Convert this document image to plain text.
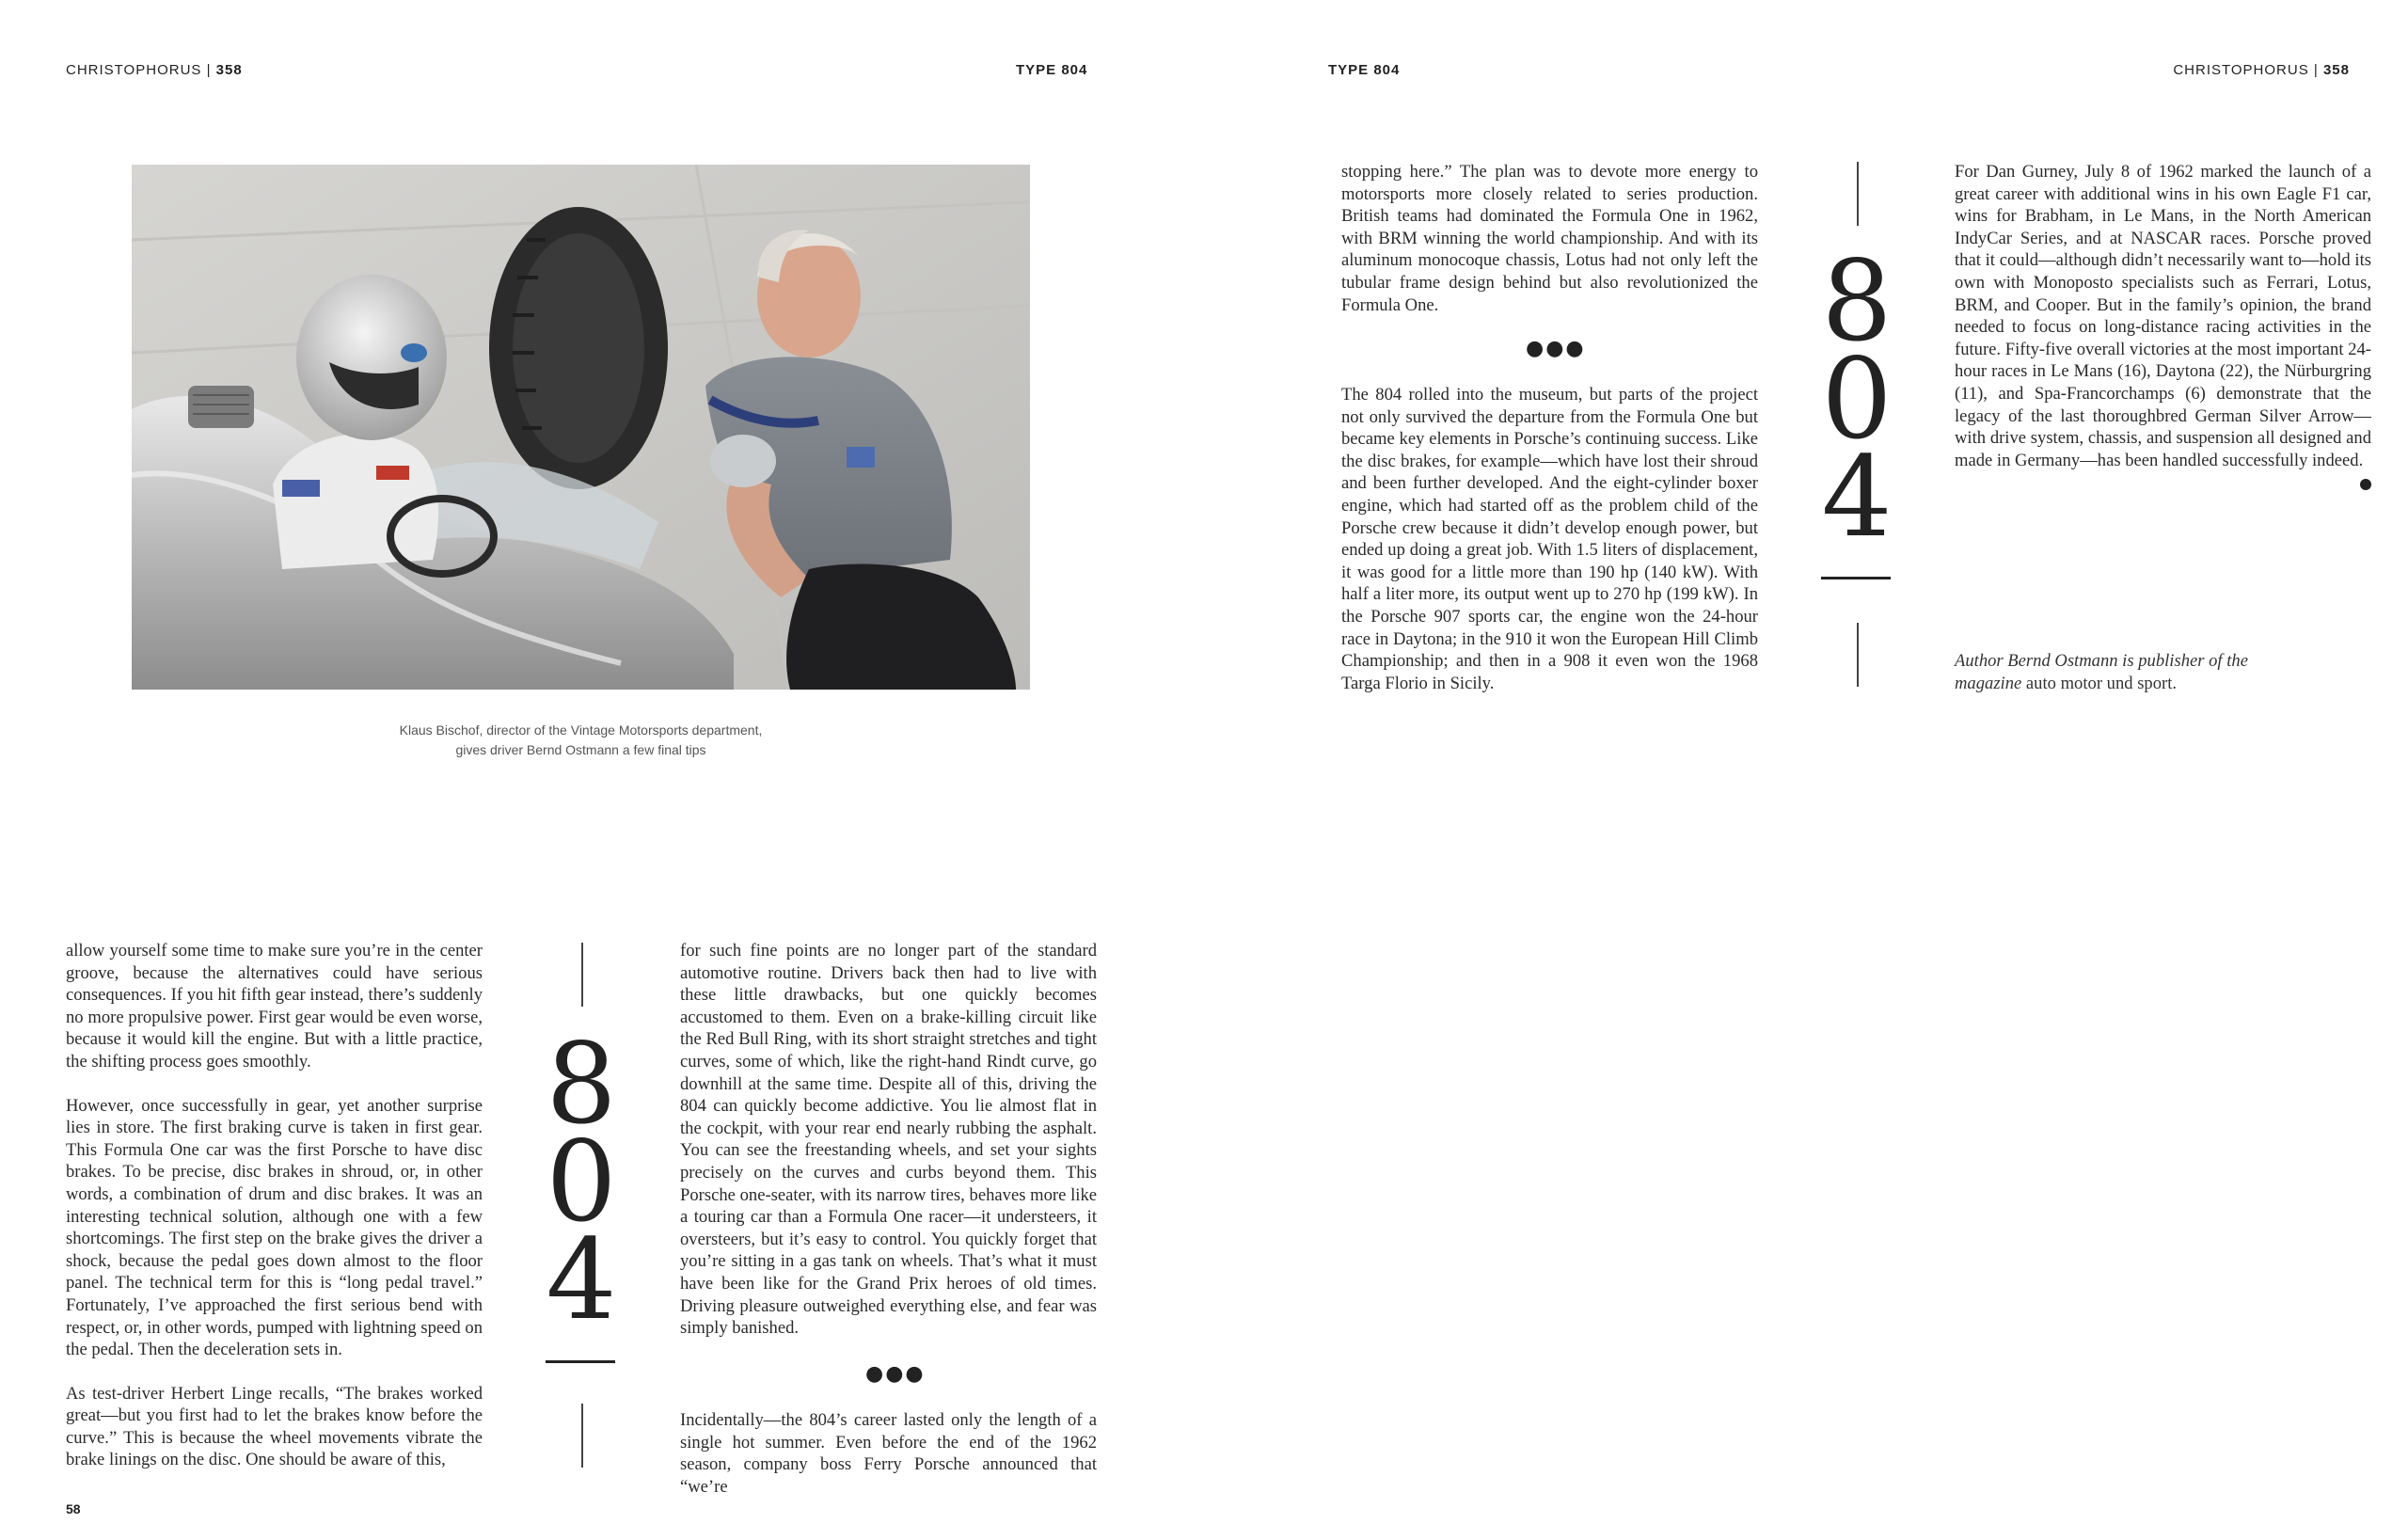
CHRISTOPHORUS | 358	TYPE 804	TYPE 804	CHRISTOPHORUS | 358
Klaus Bischof, director of the Vintage Motorsports department,
gives driver Bernd Ostmann a few final tips

allow yourself some time to make sure you’re in the center groove, because the alternatives could have serious consequences. If you hit fifth gear instead, there’s suddenly no more propulsive power. First gear would be even worse, because it would kill the engine. But with a little practice, the shifting process goes smoothly.

However, once successfully in gear, yet another surprise lies in store. The first braking curve is taken in first gear. This Formula One car was the first Porsche to have disc brakes. To be precise, disc brakes in shroud, or, in other words, a combination of drum and disc brakes. It was an interesting technical solution, although one with a few shortcomings. The first step on the brake gives the driver a shock, because the pedal goes down almost to the floor panel. The technical term for this is “long pedal travel.” Fortunately, I’ve approached the first serious bend with respect, or, in other words, pumped with lightning speed on the pedal. Then the deceleration sets in.

As test-driver Herbert Linge recalls, “The brakes worked great—but you first had to let the brakes know before the curve.” This is because the wheel movements vibrate the brake linings on the disc. One should be aware of this,

8
0
4

for such fine points are no longer part of the standard automotive routine. Drivers back then had to live with these little drawbacks, but one quickly becomes accustomed to them. Even on a brake-killing circuit like the Red Bull Ring, with its short straight stretches and tight curves, some of which, like the right-hand Rindt curve, go downhill at the same time. Despite all of this, driving the 804 can quickly become addictive. You lie almost flat in the cockpit, with your rear end nearly rubbing the asphalt. You can see the freestanding wheels, and set your sights precisely on the curves and curbs beyond them. This Porsche one-seater, with its narrow tires, behaves more like a touring car than a Formula One racer—it understeers, it oversteers, but it’s easy to control. You quickly forget that you’re sitting in a gas tank on wheels. That’s what it must have been like for the Grand Prix heroes of old times. Driving pleasure outweighed everything else, and fear was simply banished.

●●●

Incidentally—the 804’s career lasted only the length of a single hot summer. Even before the end of the 1962 season, company boss Ferry Porsche announced that “we’re

58

stopping here.” The plan was to devote more energy to motorsports more closely related to series production. British teams had dominated the Formula One in 1962, with BRM winning the world championship. And with its aluminum monocoque chassis, Lotus had not only left the tubular frame design behind but also revolutionized the Formula One.

●●●

The 804 rolled into the museum, but parts of the project not only survived the departure from the Formula One but became key elements in Porsche’s continuing success. Like the disc brakes, for example—which have lost their shroud and been further developed. And the eight-cylinder boxer engine, which had started off as the problem child of the Porsche crew because it didn’t develop enough power, but ended up doing a great job. With 1.5 liters of displacement, it was good for a little more than 190 hp (140 kW). With half a liter more, its output went up to 270 hp (199 kW). In the Porsche 907 sports car, the engine won the 24-hour race in Daytona; in the 910 it won the European Hill Climb Championship; and then in a 908 it even won the 1968 Targa Florio in Sicily.

8
0
4

For Dan Gurney, July 8 of 1962 marked the launch of a great career with additional wins in his own Eagle F1 car, wins for Brabham, in Le Mans, in the North American IndyCar Series, and at NASCAR races. Porsche proved that it could—although didn’t necessarily want to—hold its own with Monoposto specialists such as Ferrari, Lotus, BRM, and Cooper. But in the family’s opinion, the brand needed to focus on long-distance racing activities in the future. Fifty-five overall victories at the most important 24-hour races in Le Mans (16), Daytona (22), the Nürburgring (11), and Spa-Francorchamps (6) demonstrate that the legacy of the last thoroughbred German Silver Arrow—with drive system, chassis, and suspension all designed and made in Germany—has been handled successfully indeed.

Author Bernd Ostmann is publisher of the
magazine auto motor und sport.
